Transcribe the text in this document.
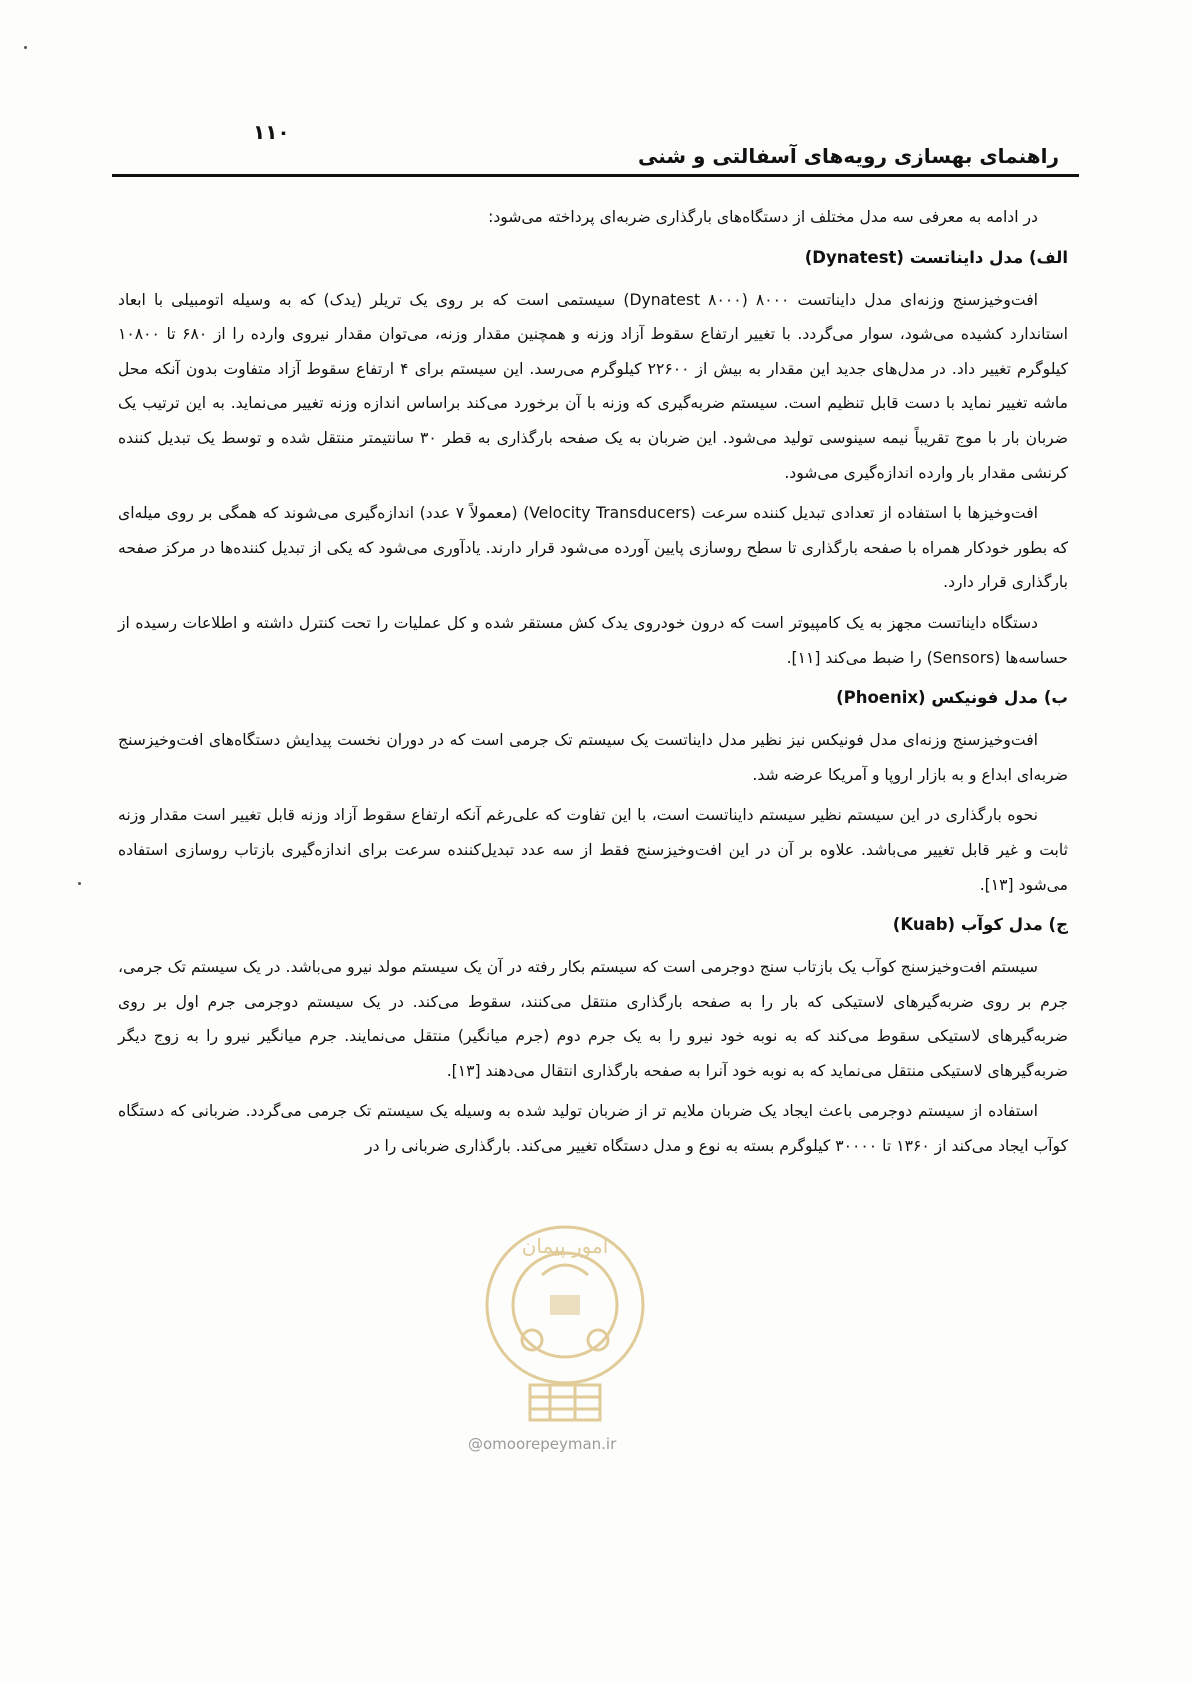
۱۱۰
راهنمای بهسازی رویه‌های آسفالتی و شنی

در ادامه به معرفی سه مدل مختلف از دستگاه‌های بارگذاری ضربه‌ای پرداخته می‌شود:

الف) مدل دایناتست (Dynatest)

افت‌وخیزسنج وزنه‌ای مدل دایناتست ۸۰۰۰ (Dynatest ۸۰۰۰) سیستمی است که بر روی یک تریلر (یدک) که به وسیله اتومبیلی با ابعاد استاندارد کشیده می‌شود، سوار می‌گردد. با تغییر ارتفاع سقوط آزاد وزنه و همچنین مقدار وزنه، می‌توان مقدار نیروی وارده را از ۶۸۰ تا ۱۰۸۰۰ کیلوگرم تغییر داد. در مدل‌های جدید این مقدار به بیش از ۲۲۶۰۰ کیلوگرم می‌رسد. این سیستم برای ۴ ارتفاع سقوط آزاد متفاوت بدون آنکه محل ماشه تغییر نماید با دست قابل تنظیم است. سیستم ضربه‌گیری که وزنه با آن برخورد می‌کند براساس اندازه وزنه تغییر می‌نماید. به این ترتیب یک ضربان بار با موج تقریباً نیمه سینوسی تولید می‌شود. این ضربان به یک صفحه بارگذاری به قطر ۳۰ سانتیمتر منتقل شده و توسط یک تبدیل کننده کرنشی مقدار بار وارده اندازه‌گیری می‌شود.

افت‌وخیزها با استفاده از تعدادی تبدیل کننده سرعت (Velocity Transducers) (معمولاً ۷ عدد) اندازه‌گیری می‌شوند که همگی بر روی میله‌ای که بطور خودکار همراه با صفحه بارگذاری تا سطح روسازی پایین آورده می‌شود قرار دارند. یادآوری می‌شود که یکی از تبدیل کننده‌ها در مرکز صفحه بارگذاری قرار دارد.

دستگاه دایناتست مجهز به یک کامپیوتر است که درون خودروی یدک کش مستقر شده و کل عملیات را تحت کنترل داشته و اطلاعات رسیده از حساسه‌ها (Sensors) را ضبط می‌کند [۱۱].

ب) مدل فونیکس (Phoenix)

افت‌وخیزسنج وزنه‌ای مدل فونیکس نیز نظیر مدل دایناتست یک سیستم تک جرمی است که در دوران نخست پیدایش دستگاه‌های افت‌وخیزسنج ضربه‌ای ابداع و به بازار اروپا و آمریکا عرضه شد.

نحوه بارگذاری در این سیستم نظیر سیستم دایناتست است، با این تفاوت که علی‌رغم آنکه ارتفاع سقوط آزاد وزنه قابل تغییر است مقدار وزنه ثابت و غیر قابل تغییر می‌باشد. علاوه بر آن در این افت‌وخیزسنج فقط از سه عدد تبدیل‌کننده سرعت برای اندازه‌گیری بازتاب روسازی استفاده می‌شود [۱۳].

ج) مدل کوآب (Kuab)

سیستم افت‌وخیزسنج کوآب یک بازتاب سنج دوجرمی است که سیستم بکار رفته در آن یک سیستم مولد نیرو می‌باشد. در یک سیستم تک جرمی، جرم بر روی ضربه‌گیرهای لاستیکی که بار را به صفحه بارگذاری منتقل می‌کنند، سقوط می‌کند. در یک سیستم دوجرمی جرم اول بر روی ضربه‌گیرهای لاستیکی سقوط می‌کند که به نوبه خود نیرو را به یک جرم دوم (جرم میانگیر) منتقل می‌نمایند. جرم میانگیر نیرو را به زوج دیگر ضربه‌گیرهای لاستیکی منتقل می‌نماید که به نوبه خود آنرا به صفحه بارگذاری انتقال می‌دهند [۱۳].

استفاده از سیستم دوجرمی باعث ایجاد یک ضربان ملایم تر از ضربان تولید شده به وسیله یک سیستم تک جرمی می‌گردد. ضربانی که دستگاه کوآب ایجاد می‌کند از ۱۳۶۰ تا ۳۰۰۰۰ کیلوگرم بسته به نوع و مدل دستگاه تغییر می‌کند. بارگذاری ضربانی را در

امور پیمان
@omoorepeyman.ir
